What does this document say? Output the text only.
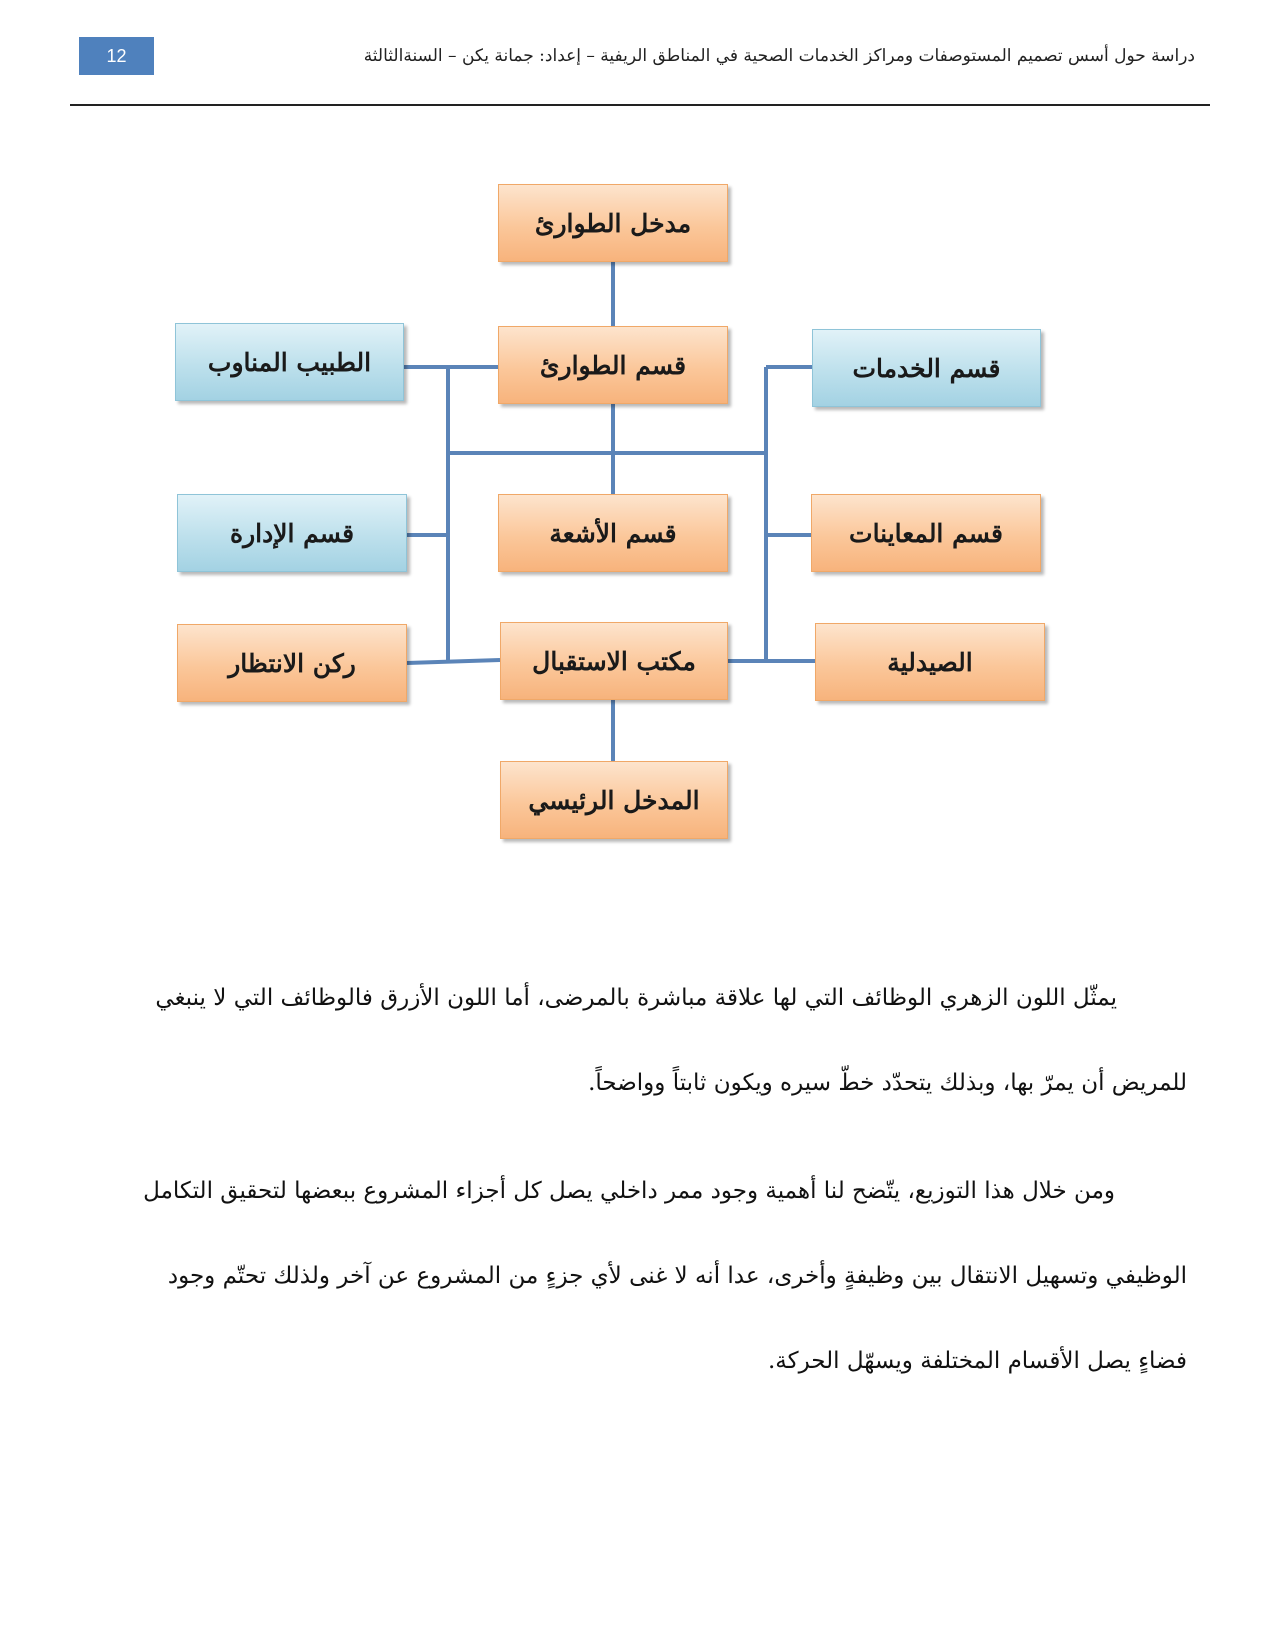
12	دراسة حول أسس تصميم المستوصفات ومراكز الخدمات الصحية في المناطق الريفية – إعداد: جمانة يكن – السنةالثالثة
مدخل الطوارئ
قسم الطوارئ
الطبيب المناوب	قسم الخدمات
قسم الأشعة
قسم الإدارة	قسم المعاينات
مكتب الاستقبال
ركن الانتظار	الصيدلية
المدخل الرئيسي
يمثّل اللون الزهري الوظائف التي لها علاقة مباشرة بالمرضى، أما اللون الأزرق فالوظائف التي لا ينبغي
للمريض أن يمرّ بها، وبذلك يتحدّد خطّ سيره ويكون ثابتاً وواضحاً.
ومن خلال هذا التوزيع، يتّضح لنا أهمية وجود ممر داخلي يصل كل أجزاء المشروع ببعضها لتحقيق التكامل
الوظيفي وتسهيل الانتقال بين وظيفةٍ وأخرى، عدا أنه لا غنى لأي جزءٍ من المشروع عن آخر ولذلك تحتّم وجود
فضاءٍ يصل الأقسام المختلفة ويسهّل الحركة.
